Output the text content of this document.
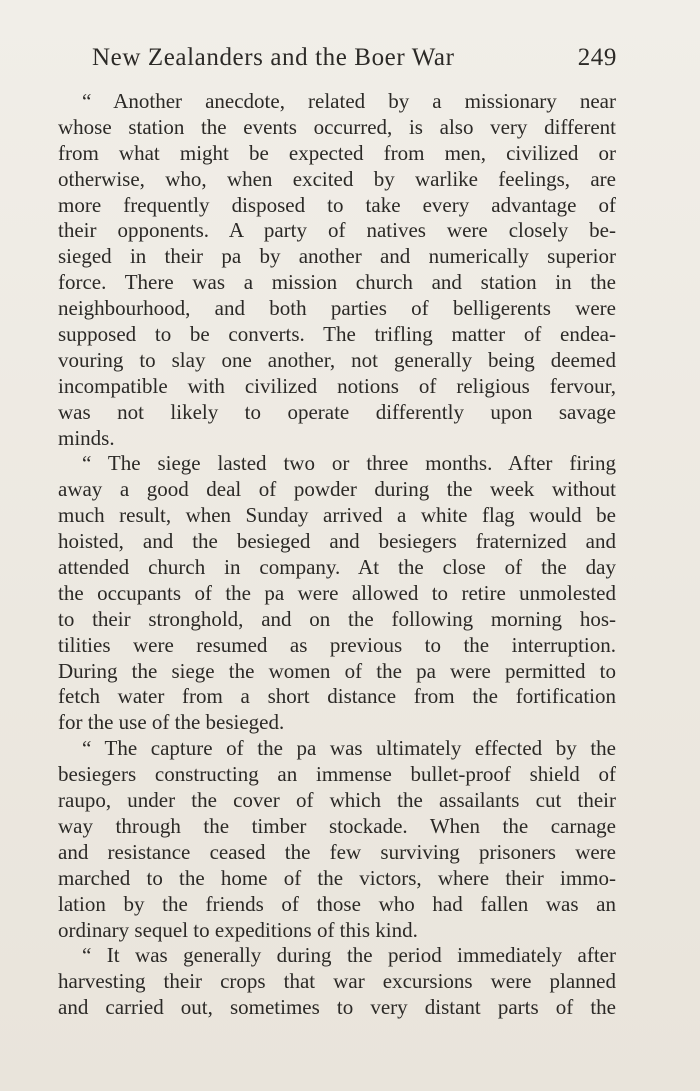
New Zealanders and the Boer War	249
“ Another anecdote, related by a missionary near
whose station the events occurred, is also very different
from what might be expected from men, civilized or
otherwise, who, when excited by warlike feelings, are
more frequently disposed to take every advantage of
their opponents. A party of natives were closely be-
sieged in their pa by another and numerically superior
force. There was a mission church and station in the
neighbourhood, and both parties of belligerents were
supposed to be converts. The trifling matter of endea-
vouring to slay one another, not generally being deemed
incompatible with civilized notions of religious fervour,
was not likely to operate differently upon savage
minds.
“ The siege lasted two or three months. After firing
away a good deal of powder during the week without
much result, when Sunday arrived a white flag would be
hoisted, and the besieged and besiegers fraternized and
attended church in company. At the close of the day
the occupants of the pa were allowed to retire unmolested
to their stronghold, and on the following morning hos-
tilities were resumed as previous to the interruption.
During the siege the women of the pa were permitted to
fetch water from a short distance from the fortification
for the use of the besieged.
“ The capture of the pa was ultimately effected by the
besiegers constructing an immense bullet-proof shield of
raupo, under the cover of which the assailants cut their
way through the timber stockade. When the carnage
and resistance ceased the few surviving prisoners were
marched to the home of the victors, where their immo-
lation by the friends of those who had fallen was an
ordinary sequel to expeditions of this kind.
“ It was generally during the period immediately after
harvesting their crops that war excursions were planned
and carried out, sometimes to very distant parts of the
